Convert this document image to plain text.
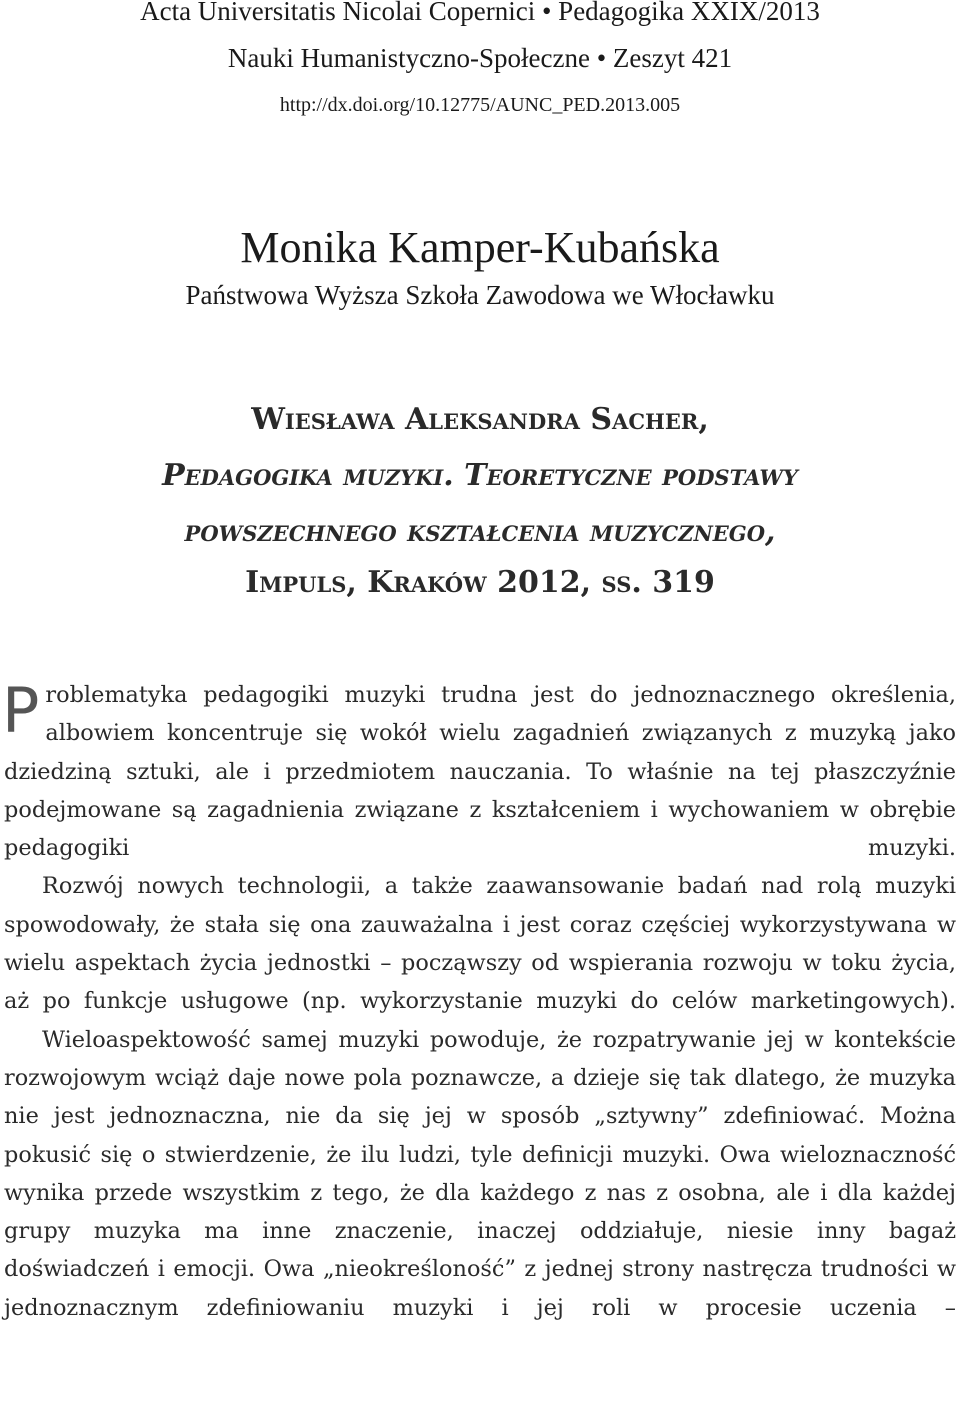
Acta Universitatis Nicolai Copernici • Pedagogika XXIX/2013
Nauki Humanistyczno-Społeczne • Zeszyt 421
http://dx.doi.org/10.12775/AUNC_PED.2013.005
Monika Kamper-Kubańska
Państwowa Wyższa Szkoła Zawodowa we Włocławku
Wiesława Aleksandra Sacher,
Pedagogika muzyki. Teoretyczne podstawy
powszechnego kształcenia muzycznego,
Impuls, Kraków 2012, ss. 319

Problematyka pedagogiki muzyki trudna jest do jednoznacznego określenia, albowiem koncentruje się wokół wielu zagadnień związanych z muzyką jako dziedziną sztuki, ale i przedmiotem nauczania. To właśnie na tej płaszczyźnie podejmowane są zagadnienia związane z kształceniem i wychowaniem w obrębie pedagogiki muzyki.

Rozwój nowych technologii, a także zaawansowanie badań nad rolą muzyki spowodowały, że stała się ona zauważalna i jest coraz częściej wykorzystywana w wielu aspektach życia jednostki – począwszy od wspierania rozwoju w toku życia, aż po funkcje usługowe (np. wykorzystanie muzyki do celów marketingowych).

Wieloaspektowość samej muzyki powoduje, że rozpatrywanie jej w kontekście rozwojowym wciąż daje nowe pola poznawcze, a dzieje się tak dlatego, że muzyka nie jest jednoznaczna, nie da się jej w sposób „sztywny” zdefiniować. Można pokusić się o stwierdzenie, że ilu ludzi, tyle definicji muzyki. Owa wieloznaczność wynika przede wszystkim z tego, że dla każdego z nas z osobna, ale i dla każdej grupy muzyka ma inne znaczenie, inaczej oddziałuje, niesie inny bagaż doświadczeń i emocji. Owa „nieokreśloność” z jednej strony nastręcza trudności w jednoznacznym zdefiniowaniu muzyki i jej roli w procesie uczenia –
